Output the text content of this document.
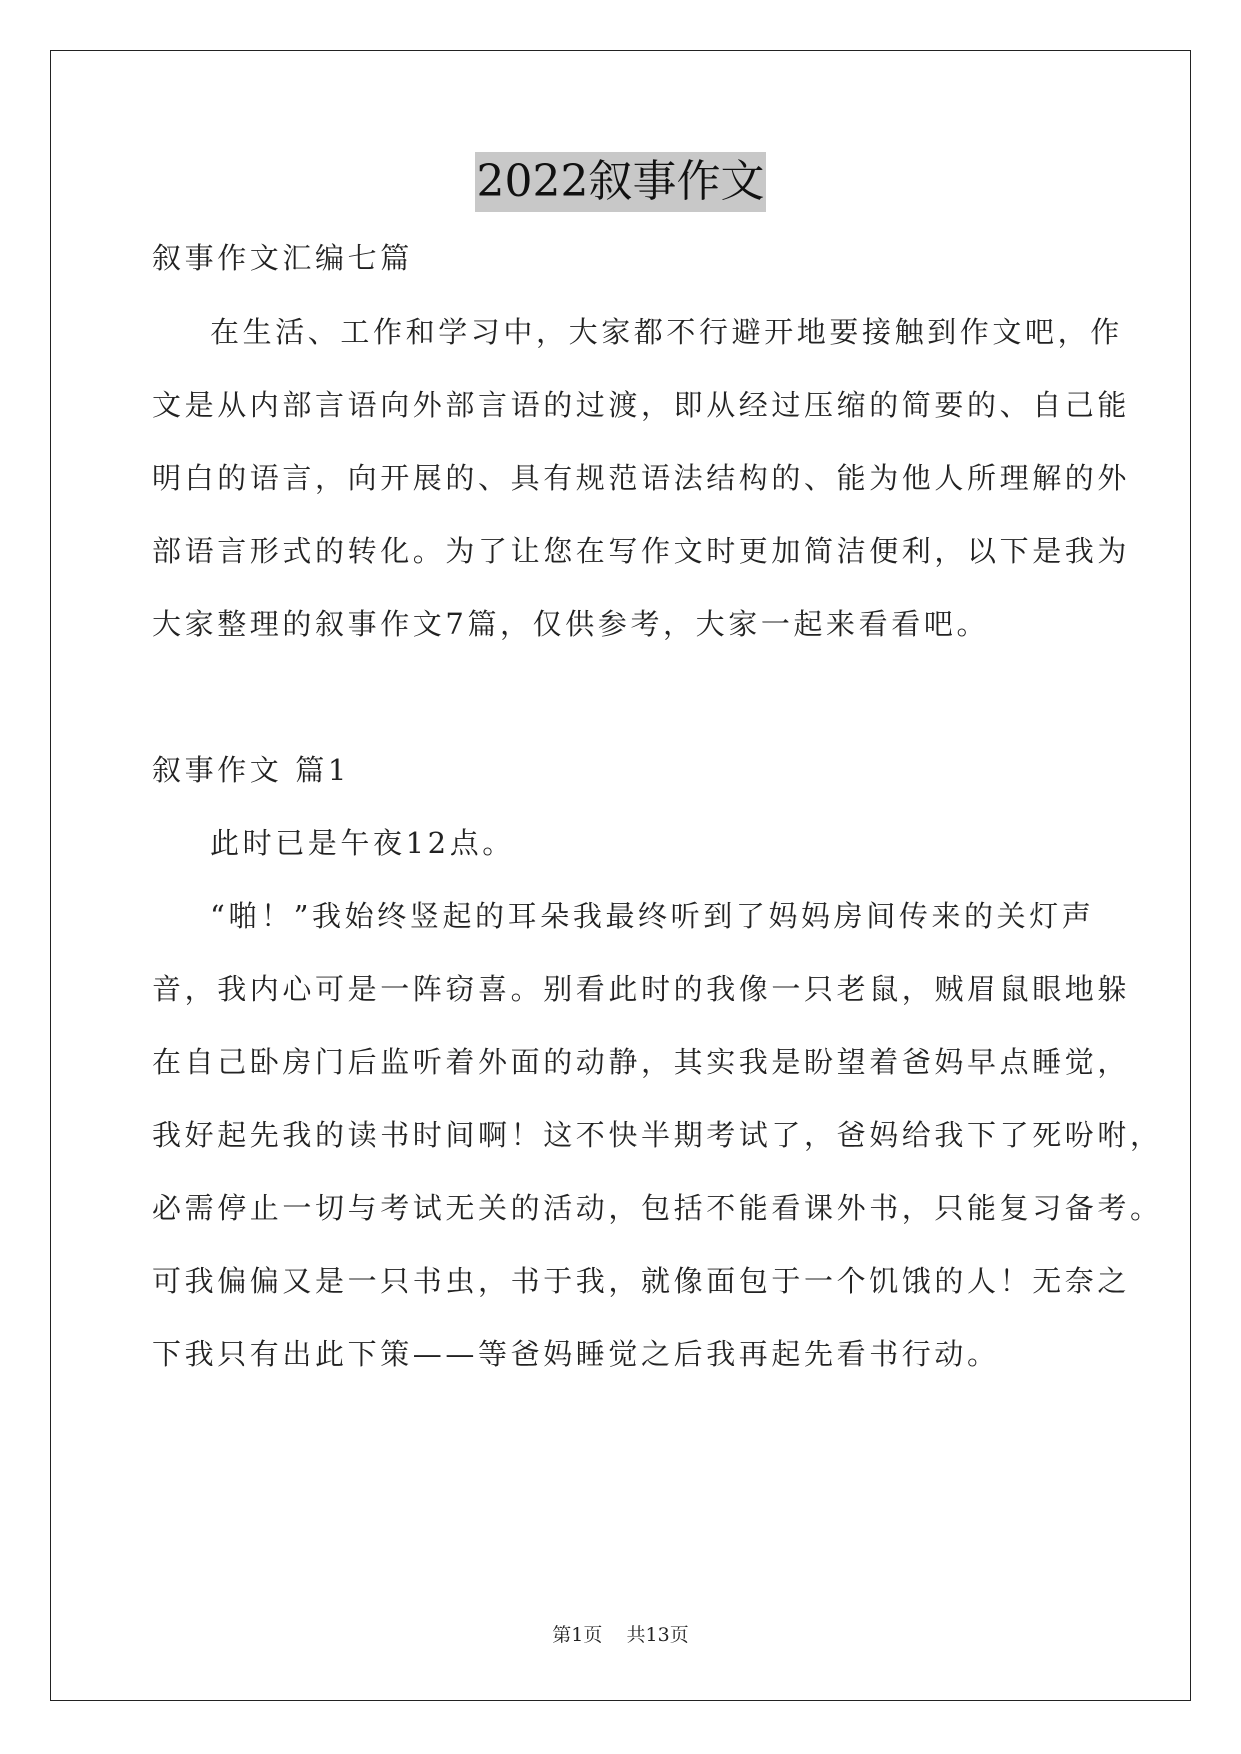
2022叙事作文
叙事作文汇编七篇
在生活、工作和学习中，大家都不行避开地要接触到作文吧，作
文是从内部言语向外部言语的过渡，即从经过压缩的简要的、自己能
明白的语言，向开展的、具有规范语法结构的、能为他人所理解的外
部语言形式的转化。为了让您在写作文时更加简洁便利，以下是我为
大家整理的叙事作文7篇，仅供参考，大家一起来看看吧。
叙事作文 篇1
此时已是午夜12点。
“啪！”我始终竖起的耳朵我最终听到了妈妈房间传来的关灯声
音，我内心可是一阵窃喜。别看此时的我像一只老鼠，贼眉鼠眼地躲
在自己卧房门后监听着外面的动静，其实我是盼望着爸妈早点睡觉，
我好起先我的读书时间啊！这不快半期考试了，爸妈给我下了死吩咐，
必需停止一切与考试无关的活动，包括不能看课外书，只能复习备考。
可我偏偏又是一只书虫，书于我，就像面包于一个饥饿的人！无奈之
下我只有出此下策——等爸妈睡觉之后我再起先看书行动。
第1页    共13页
